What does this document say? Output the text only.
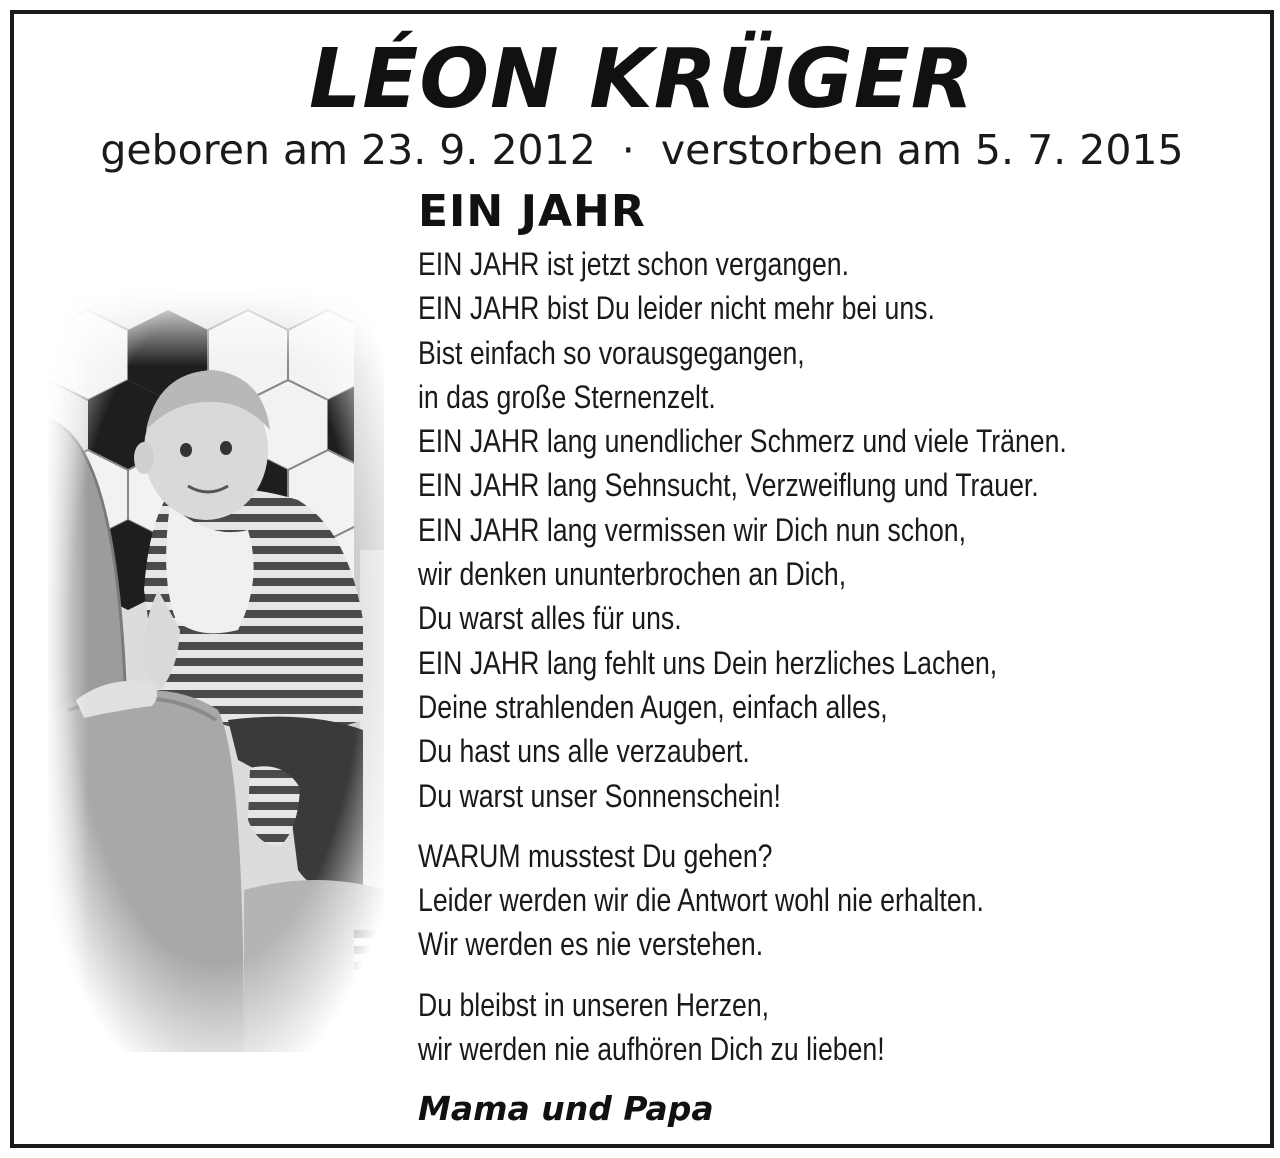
LÉON KRÜGER
geboren am 23. 9. 2012 · verstorben am 5. 7. 2015
EIN JAHR
EIN JAHR ist jetzt schon vergangen.
EIN JAHR bist Du leider nicht mehr bei uns.
Bist einfach so vorausgegangen,
in das große Sternenzelt.
EIN JAHR lang unendlicher Schmerz und viele Tränen.
EIN JAHR lang Sehnsucht, Verzweiflung und Trauer.
EIN JAHR lang vermissen wir Dich nun schon,
wir denken ununterbrochen an Dich,
Du warst alles für uns.
EIN JAHR lang fehlt uns Dein herzliches Lachen,
Deine strahlenden Augen, einfach alles,
Du hast uns alle verzaubert.
Du warst unser Sonnenschein!
WARUM musstest Du gehen?
Leider werden wir die Antwort wohl nie erhalten.
Wir werden es nie verstehen.
Du bleibst in unseren Herzen,
wir werden nie aufhören Dich zu lieben!
Mama und Papa
